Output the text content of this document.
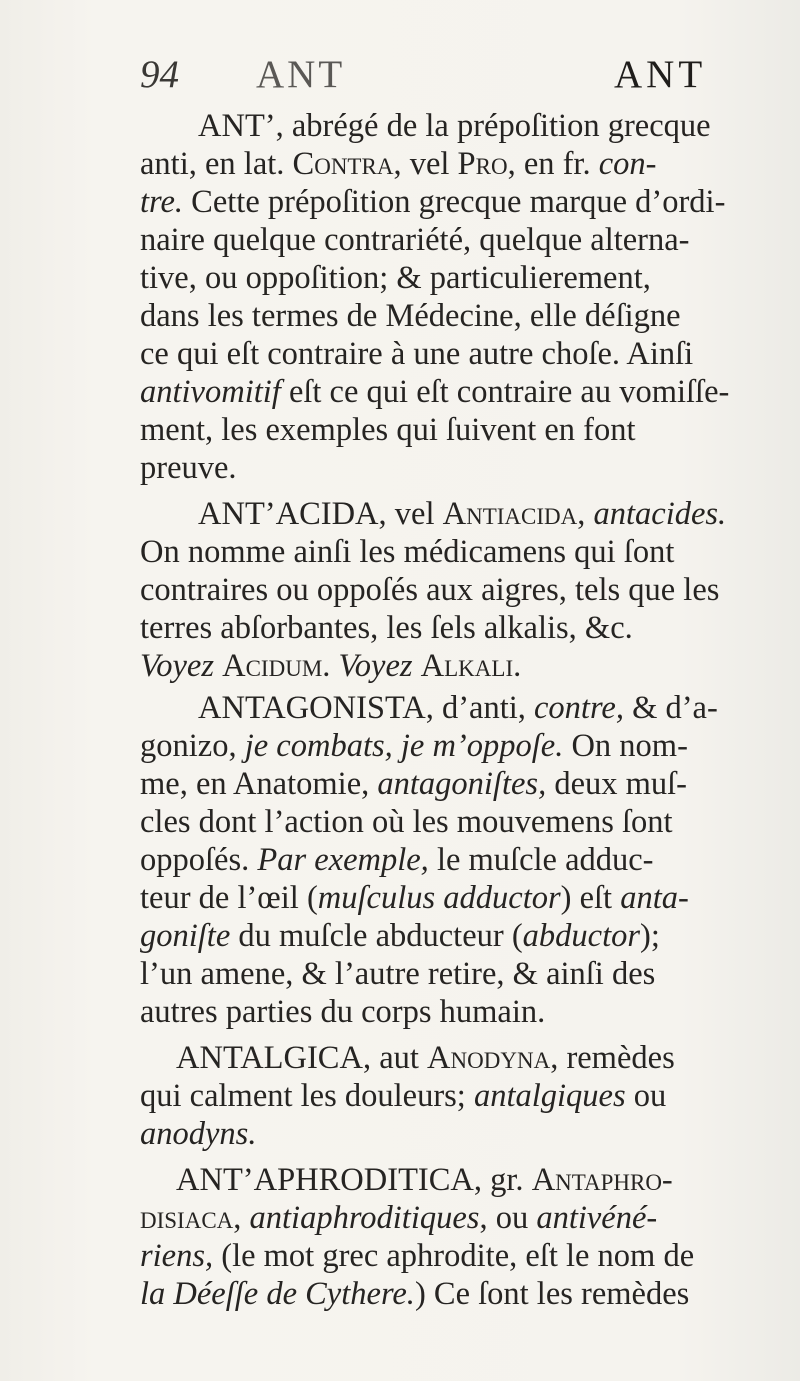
94 ANT	ANT
ANT’, abrégé de la prépoſition grecque
anti, en lat. Contra, vel Pro, en fr. con-
tre. Cette prépoſition grecque marque d’ordi-
naire quelque contrariété, quelque alterna-
tive, ou oppoſition; & particulierement,
dans les termes de Médecine, elle déſigne
ce qui eſt contraire à une autre choſe. Ainſi
antivomitif eſt ce qui eſt contraire au vomiſſe-
ment, les exemples qui ſuivent en font
preuve.
ANT’ACIDA, vel Antiacida, antacides.
On nomme ainſi les médicamens qui ſont
contraires ou oppoſés aux aigres, tels que les
terres abſorbantes, les ſels alkalis, &c.
Voyez Acidum. Voyez Alkali.
ANTAGONISTA, d’anti, contre, & d’a-
gonizo, je combats, je m’oppoſe. On nom-
me, en Anatomie, antagoniſtes, deux muſ-
cles dont l’action où les mouvemens ſont
oppoſés. Par exemple, le muſcle adduc-
teur de l’œil (muſculus adductor) eſt anta-
goniſte du muſcle abducteur (abductor);
l’un amene, & l’autre retire, & ainſi des
autres parties du corps humain.
ANTALGICA, aut Anodyna, remèdes
qui calment les douleurs; antalgiques ou
anodyns.
ANT’APHRODITICA, gr. Antaphro-
disiaca, antiaphroditiques, ou antivéné-
riens, (le mot grec aphrodite, eſt le nom de
la Déeſſe de Cythere.) Ce ſont les remèdes
